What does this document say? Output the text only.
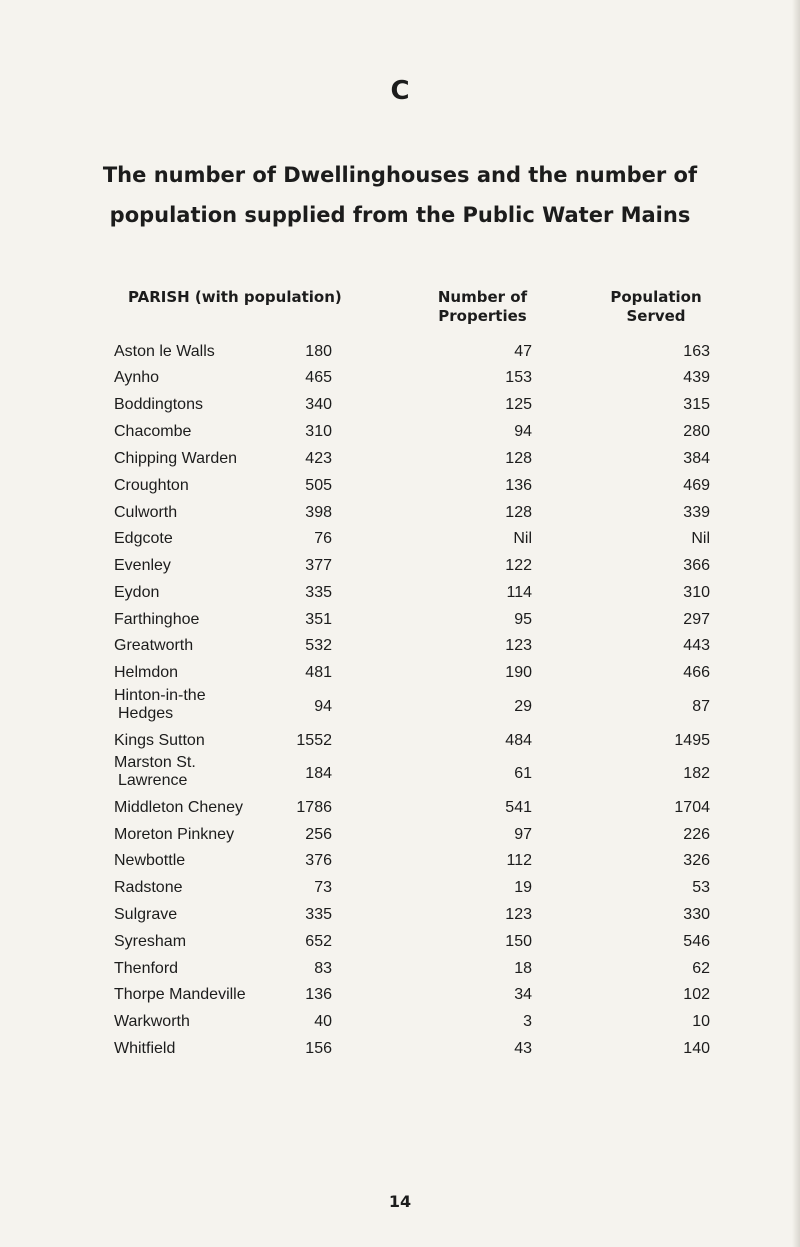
C
The number of Dwellinghouses and the number of
population supplied from the Public Water Mains
PARISH (with population)	Number of
Properties
Population
Served
Aston le Walls	180	47	163
Aynho	465	153	439
Boddingtons	340	125	315
Chacombe	310	94	280
Chipping Warden	423	128	384
Croughton	505	136	469
Culworth	398	128	339
Edgcote	76	Nil	Nil
Evenley	377	122	366
Eydon	335	114	310
Farthinghoe	351	95	297
Greatworth	532	123	443
Helmdon	481	190	466
Hinton-in-the
Hedges	94	29	87
Kings Sutton	1552	484	1495
Marston St.
Lawrence	184	61	182
Middleton Cheney	1786	541	1704
Moreton Pinkney	256	97	226
Newbottle	376	112	326
Radstone	73	19	53
Sulgrave	335	123	330
Syresham	652	150	546
Thenford	83	18	62
Thorpe Mandeville	136	34	102
Warkworth	40	3	10
Whitfield	156	43	140
14
